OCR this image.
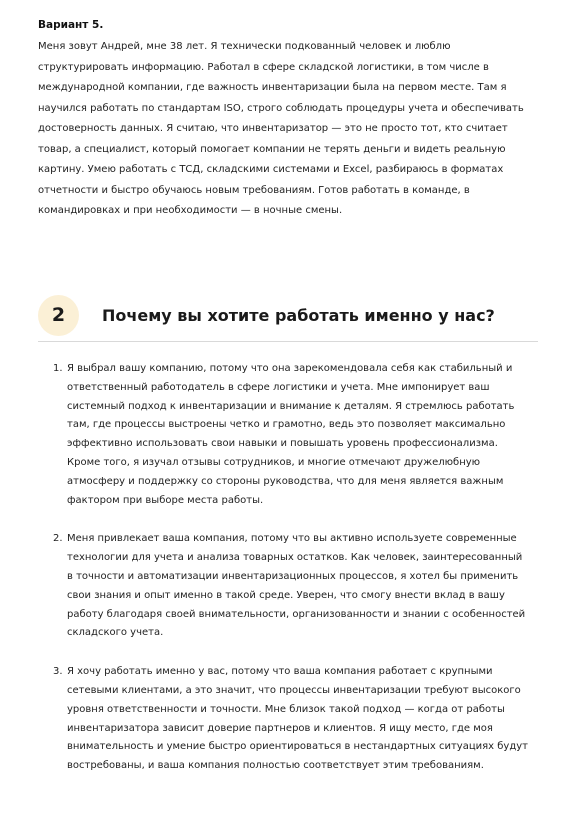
Вариант 5.

Меня зовут Андрей, мне 38 лет. Я технически подкованный человек и люблю структурировать информацию. Работал в сфере складской логистики, в том числе в международной компании, где важность инвентаризации была на первом месте. Там я научился работать по стандартам ISO, строго соблюдать процедуры учета и обеспечивать достоверность данных. Я считаю, что инвентаризатор — это не просто тот, кто считает товар, а специалист, который помогает компании не терять деньги и видеть реальную картину. Умею работать с ТСД, складскими системами и Excel, разбираюсь в форматах отчетности и быстро обучаюсь новым требованиям. Готов работать в команде, в командировках и при необходимости — в ночные смены.

2	Почему вы хотите работать именно у нас?
1. Я выбрал вашу компанию, потому что она зарекомендовала себя как стабильный и ответственный работодатель в сфере логистики и учета. Мне импонирует ваш системный подход к инвентаризации и внимание к деталям. Я стремлюсь работать там, где процессы выстроены четко и грамотно, ведь это позволяет максимально эффективно использовать свои навыки и повышать уровень профессионализма. Кроме того, я изучал отзывы сотрудников, и многие отмечают дружелюбную атмосферу и поддержку со стороны руководства, что для меня является важным фактором при выборе места работы.
2. Меня привлекает ваша компания, потому что вы активно используете современные технологии для учета и анализа товарных остатков. Как человек, заинтересованный в точности и автоматизации инвентаризационных процессов, я хотел бы применить свои знания и опыт именно в такой среде. Уверен, что смогу внести вклад в вашу работу благодаря своей внимательности, организованности и знании с особенностей складского учета.
3. Я хочу работать именно у вас, потому что ваша компания работает с крупными сетевыми клиентами, а это значит, что процессы инвентаризации требуют высокого уровня ответственности и точности. Мне близок такой подход — когда от работы инвентаризатора зависит доверие партнеров и клиентов. Я ищу место, где моя внимательность и умение быстро ориентироваться в нестандартных ситуациях будут востребованы, и ваша компания полностью соответствует этим требованиям.
